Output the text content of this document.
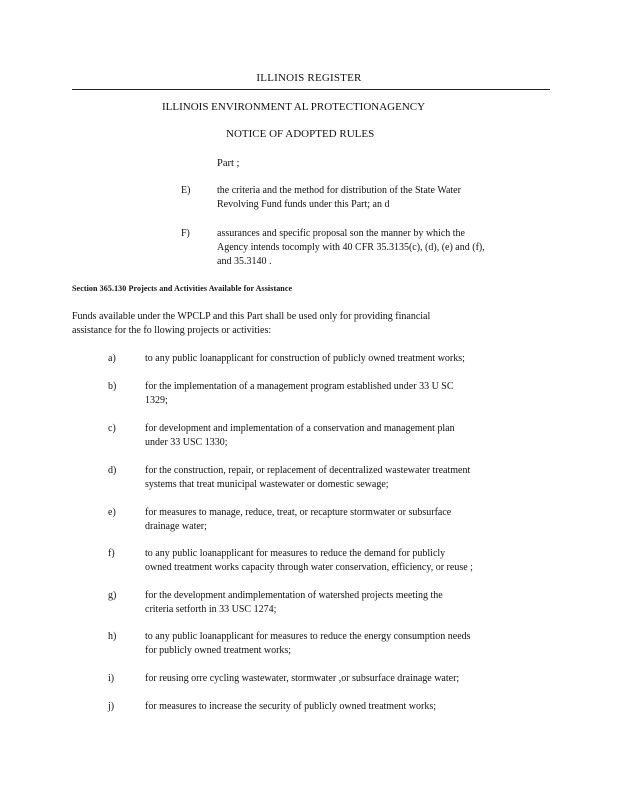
ILLINOIS REGISTER
ILLINOIS ENVIRONMENT AL PROTECTIONAGENCY
NOTICE OF ADOPTED RULES
Part ;
E)	the criteria and the method for distribution of the State Water
Revolving Fund funds under this Part; an d
F)	assurances and specific proposal son the manner by which the
Agency intends tocomply with 40 CFR 35.3135(c), (d), (e) and (f),
and 35.3140 .
Section 365.130 Projects and Activities Available for Assistance
Funds available under the WPCLP and this Part shall be used only for providing financial
assistance for the fo llowing projects or activities:
a)	to any public loanapplicant for construction of publicly owned treatment works;
b)	for the implementation of a management program established under 33 U SC
1329;
c)	for development and implementation of a conservation and management plan
under 33 USC 1330;
d)	for the construction, repair, or replacement of decentralized wastewater treatment
systems that treat municipal wastewater or domestic sewage;
e)	for measures to manage, reduce, treat, or recapture stormwater or subsurface
drainage water;
f)	to any public loanapplicant for measures to reduce the demand for publicly
owned treatment works capacity through water conservation, efficiency, or reuse ;
g)	for the development andimplementation of watershed projects meeting the
criteria setforth in 33 USC 1274;
h)	to any public loanapplicant for measures to reduce the energy consumption needs
for publicly owned treatment works;
i)	for reusing orre cycling wastewater, stormwater ,or subsurface drainage water;
j)	for measures to increase the security of publicly owned treatment works;
